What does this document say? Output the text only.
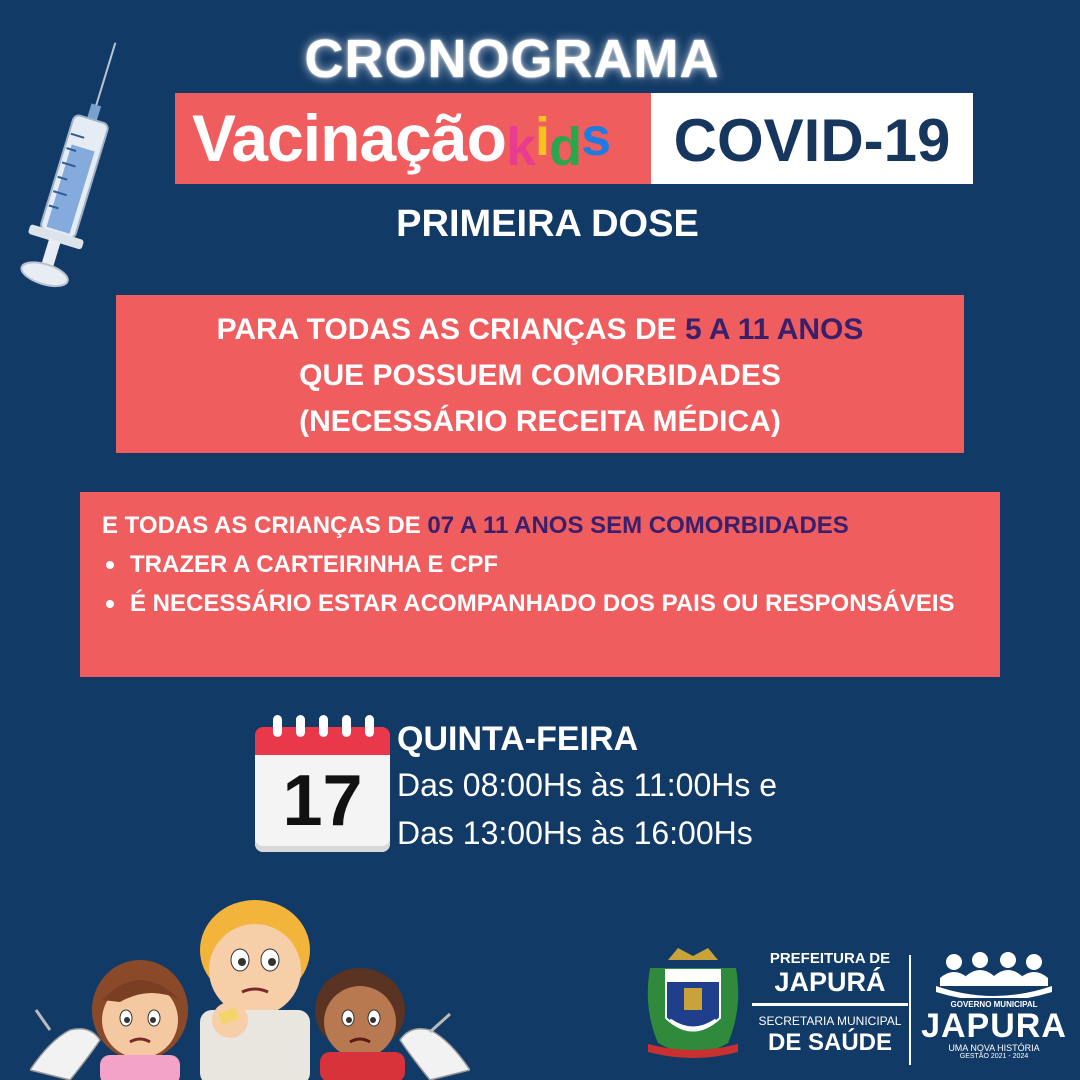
CRONOGRAMA
Vacinação kids	COVID-19
PRIMEIRA DOSE

PARA TODAS AS CRIANÇAS DE 5 A 11 ANOS

QUE POSSUEM COMORBIDADES

(NECESSÁRIO RECEITA MÉDICA)

E TODAS AS CRIANÇAS DE 07 A 11 ANOS SEM COMORBIDADES

TRAZER A CARTEIRINHA E CPF
É NECESSÁRIO ESTAR ACOMPANHADO DOS PAIS OU RESPONSÁVEIS
17
QUINTA-FEIRA
Das 08:00Hs às 11:00Hs e
Das 13:00Hs às 16:00Hs
PREFEITURA DE
JAPURÁ
SECRETARIA MUNICIPAL
DE SAÚDE
GOVERNO MUNICIPAL
JAPURA
UMA NOVA HISTÓRIA
GESTÃO 2021 - 2024
